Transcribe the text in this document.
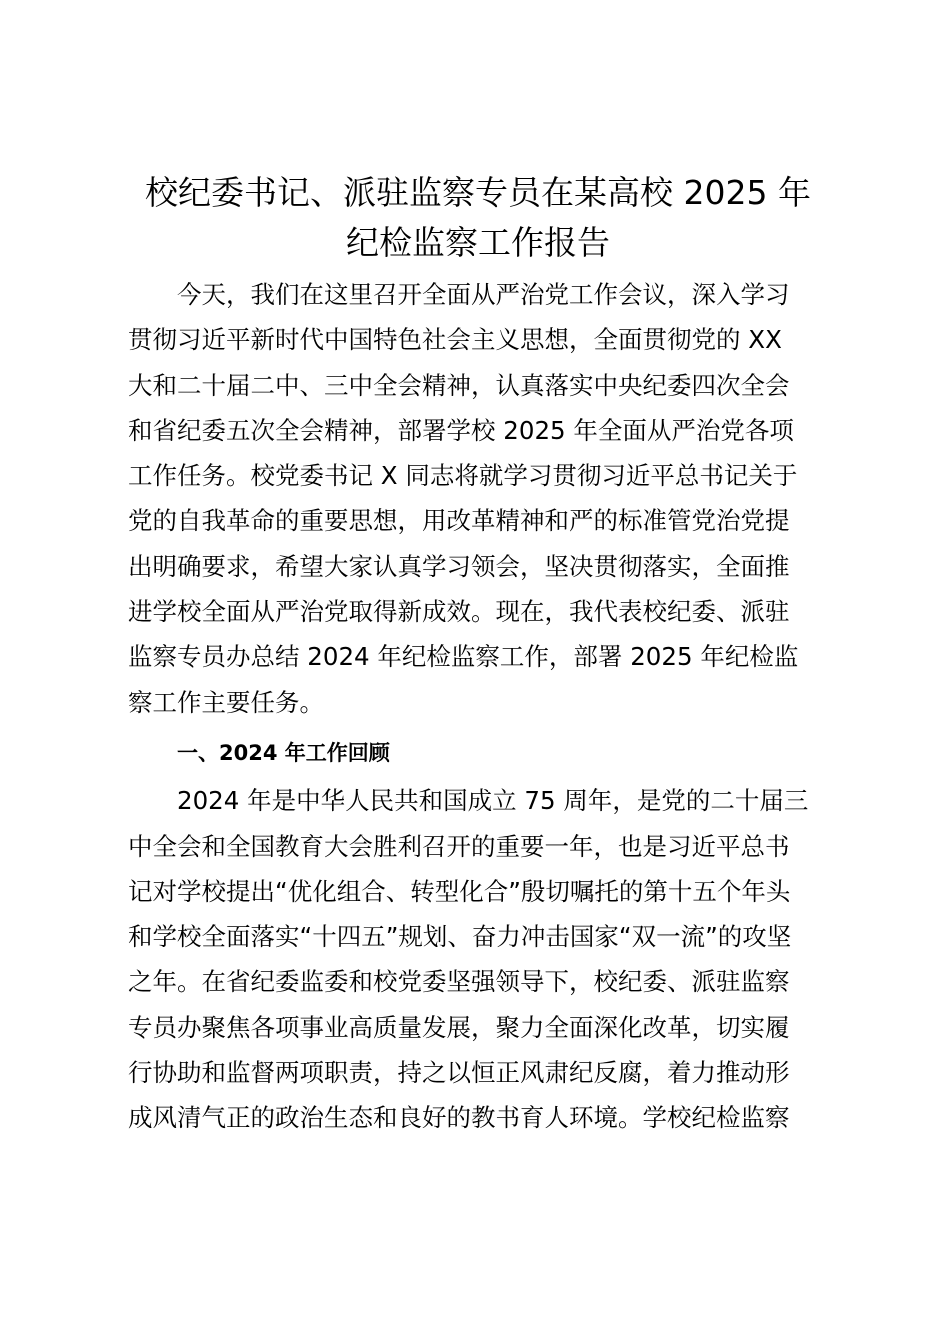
校纪委书记、派驻监察专员在某高校 2025 年
纪检监察工作报告
今天，我们在这里召开全面从严治党工作会议，深入学习
贯彻习近平新时代中国特色社会主义思想，全面贯彻党的 XX
大和二十届二中、三中全会精神，认真落实中央纪委四次全会
和省纪委五次全会精神，部署学校 2025 年全面从严治党各项
工作任务。校党委书记 X 同志将就学习贯彻习近平总书记关于
党的自我革命的重要思想，用改革精神和严的标准管党治党提
出明确要求，希望大家认真学习领会，坚决贯彻落实，全面推
进学校全面从严治党取得新成效。现在，我代表校纪委、派驻
监察专员办总结 2024 年纪检监察工作，部署 2025 年纪检监
察工作主要任务。
一、2024 年工作回顾
2024 年是中华人民共和国成立 75 周年，是党的二十届三
中全会和全国教育大会胜利召开的重要一年，也是习近平总书
记对学校提出“优化组合、转型化合”殷切嘱托的第十五个年头
和学校全面落实“十四五”规划、奋力冲击国家“双一流”的攻坚
之年。在省纪委监委和校党委坚强领导下，校纪委、派驻监察
专员办聚焦各项事业高质量发展，聚力全面深化改革，切实履
行协助和监督两项职责，持之以恒正风肃纪反腐，着力推动形
成风清气正的政治生态和良好的教书育人环境。学校纪检监察
